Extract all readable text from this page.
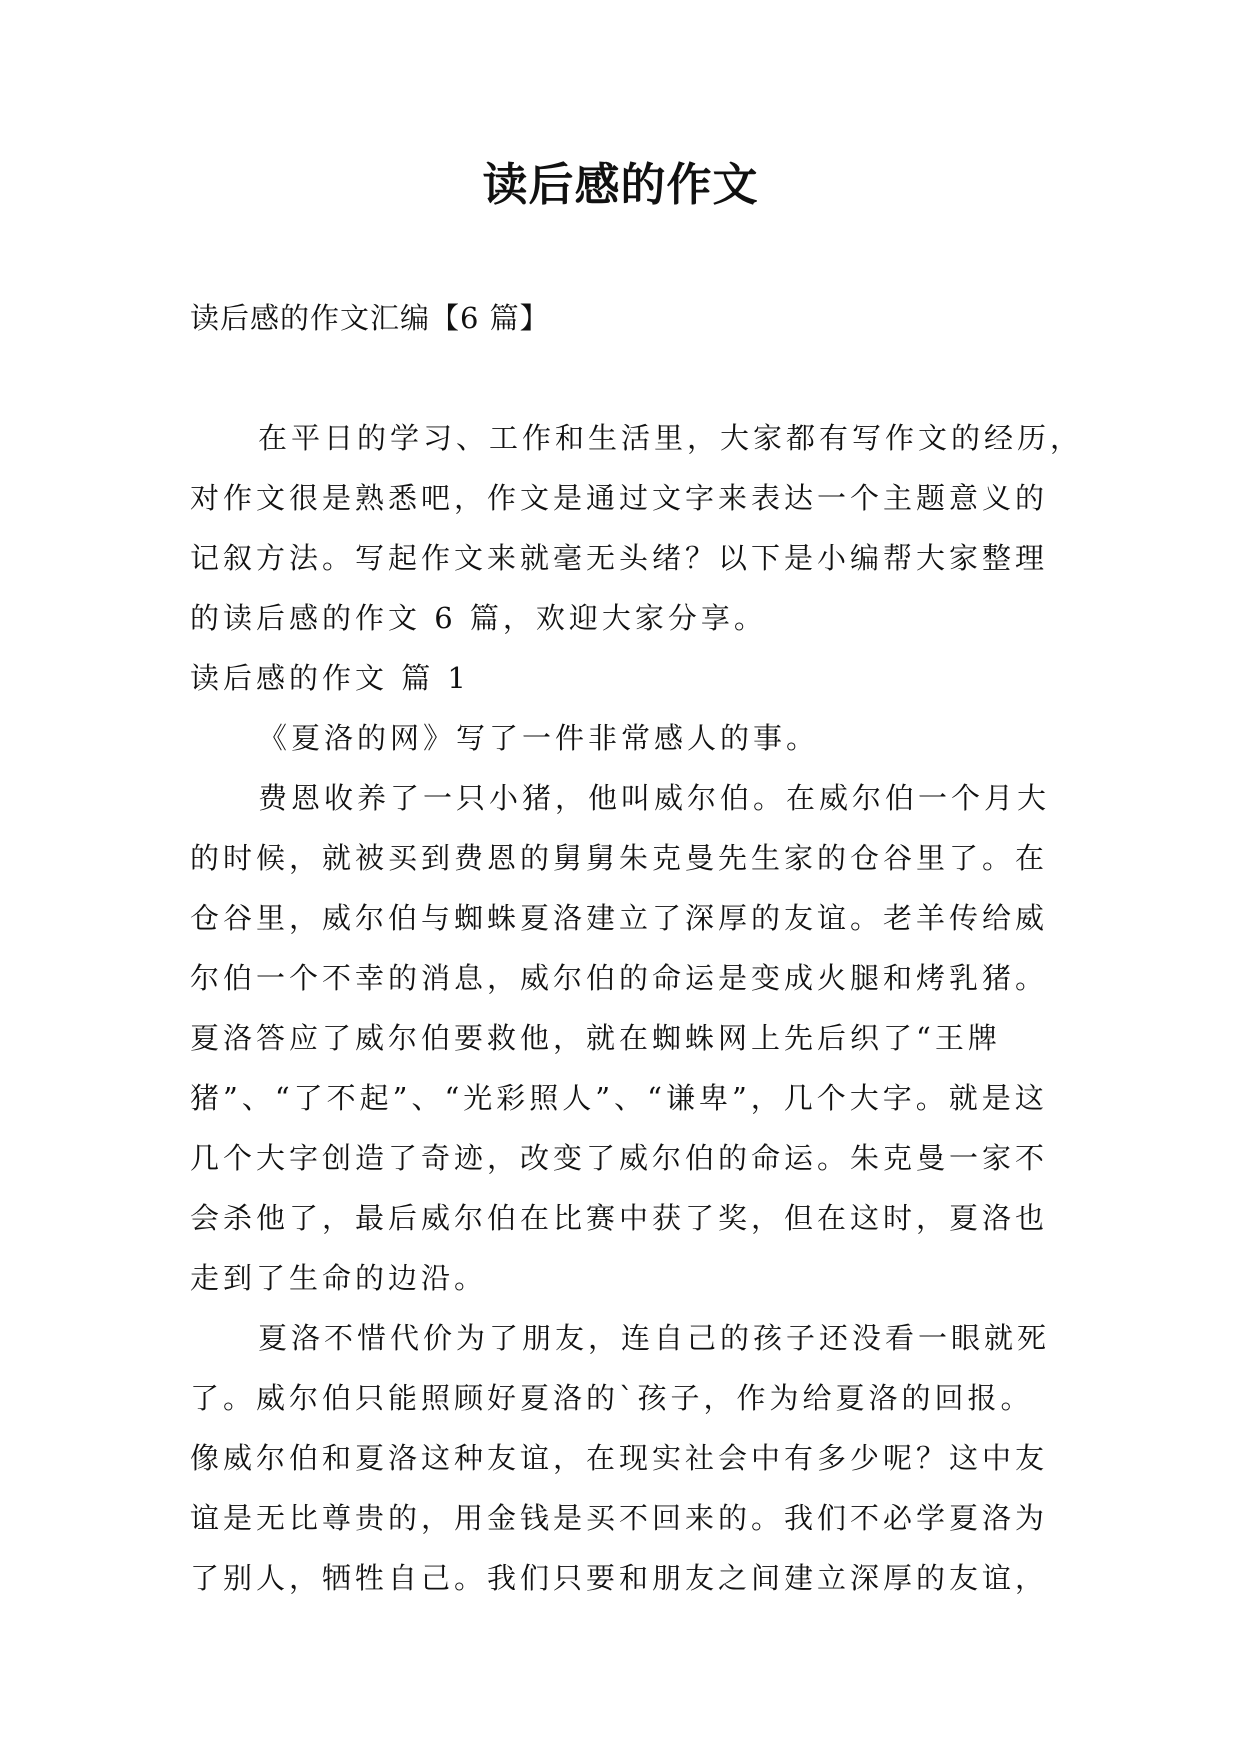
读后感的作文

读后感的作文汇编【6 篇】

在平日的学习、工作和生活里，大家都有写作文的经历，
对作文很是熟悉吧，作文是通过文字来表达一个主题意义的
记叙方法。写起作文来就毫无头绪？以下是小编帮大家整理
的读后感的作文 6 篇，欢迎大家分享。

读后感的作文 篇 1

《夏洛的网》写了一件非常感人的事。

费恩收养了一只小猪，他叫威尔伯。在威尔伯一个月大
的时候，就被买到费恩的舅舅朱克曼先生家的仓谷里了。在
仓谷里，威尔伯与蜘蛛夏洛建立了深厚的友谊。老羊传给威
尔伯一个不幸的消息，威尔伯的命运是变成火腿和烤乳猪。
夏洛答应了威尔伯要救他，就在蜘蛛网上先后织了“王牌
猪”、“了不起”、“光彩照人”、“谦卑”，几个大字。就是这
几个大字创造了奇迹，改变了威尔伯的命运。朱克曼一家不
会杀他了，最后威尔伯在比赛中获了奖，但在这时，夏洛也
走到了生命的边沿。

夏洛不惜代价为了朋友，连自己的孩子还没看一眼就死
了。威尔伯只能照顾好夏洛的`孩子，作为给夏洛的回报。
像威尔伯和夏洛这种友谊，在现实社会中有多少呢？这中友
谊是无比尊贵的，用金钱是买不回来的。我们不必学夏洛为
了别人，牺牲自己。我们只要和朋友之间建立深厚的友谊，
